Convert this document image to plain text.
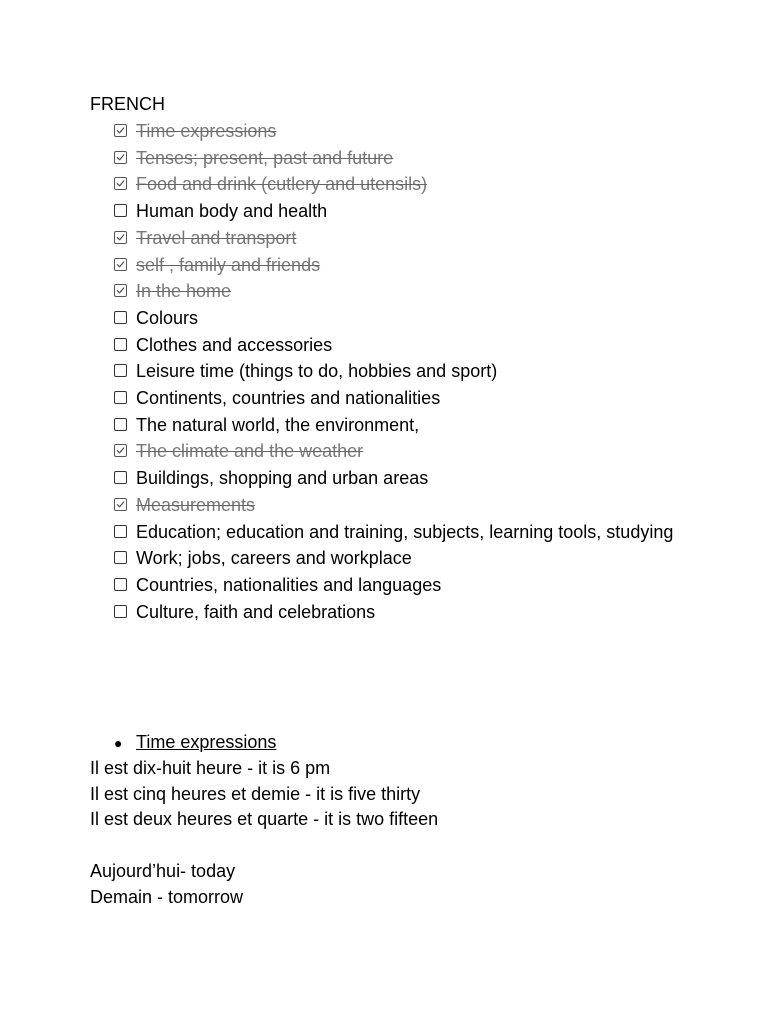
FRENCH
Time expressions
Tenses; present, past and future
Food and drink (cutlery and utensils)
Human body and health
Travel and transport
self , family and friends
In the home
Colours
Clothes and accessories
Leisure time (things to do, hobbies and sport)
Continents, countries and nationalities
The natural world, the environment,
The climate and the weather
Buildings, shopping and urban areas
Measurements
Education; education and training, subjects, learning tools, studying
Work; jobs, careers and workplace
Countries, nationalities and languages
Culture, faith and celebrations
● Time expressions
Il est dix-huit heure - it is 6 pm
Il est cinq heures et demie - it is five thirty
Il est deux heures et quarte - it is two fifteen
Aujourd’hui- today
Demain - tomorrow
